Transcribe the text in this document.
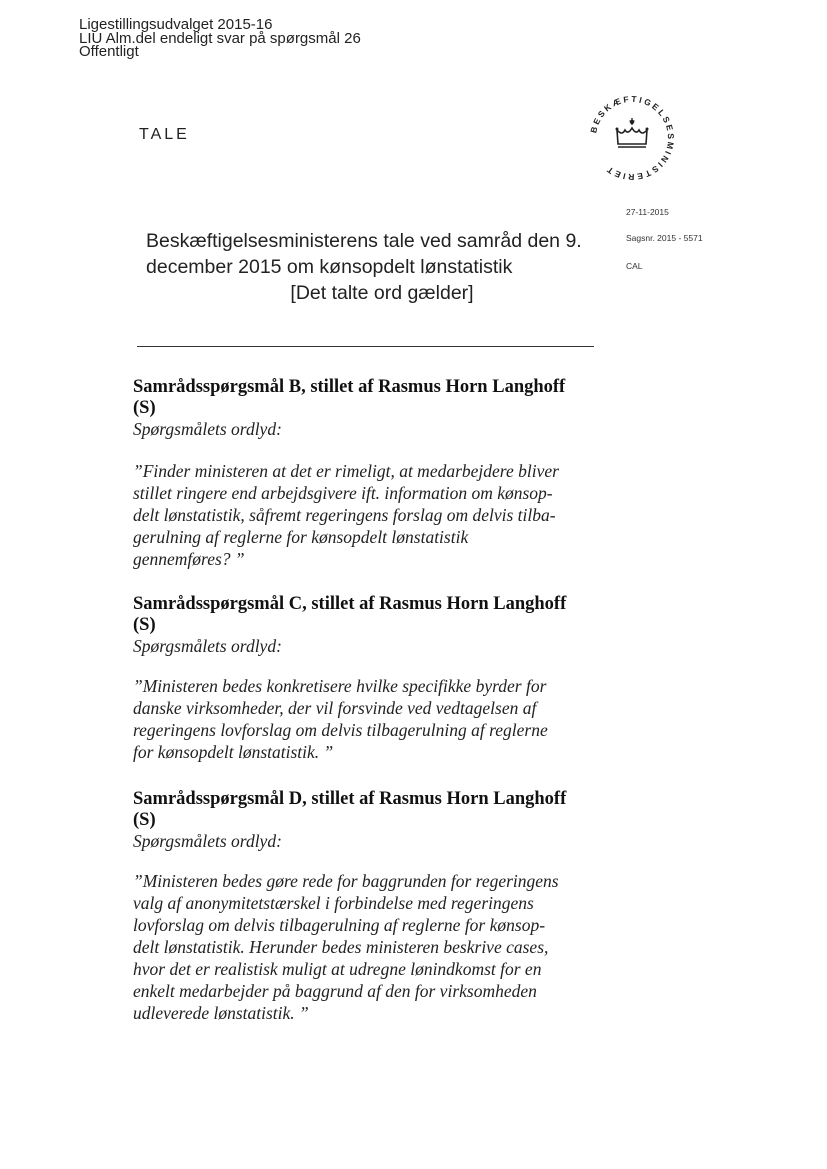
Ligestillingsudvalget 2015-16
LIU Alm.del endeligt svar på spørgsmål 26
Offentligt
TALE	BESKÆFTIGELSESMINISTERIET
27-11-2015
Sagsnr. 2015 - 5571
CAL
Beskæftigelsesministerens tale ved samråd den 9.
december 2015 om kønsopdelt lønstatistik
[Det talte ord gælder]
Samrådsspørgsmål B, stillet af Rasmus Horn Langhoff
(S)
Spørgsmålets ordlyd:
”Finder ministeren at det er rimeligt, at medarbejdere bliver
stillet ringere end arbejdsgivere ift. information om kønsop-
delt lønstatistik, såfremt regeringens forslag om delvis tilba-
gerulning af reglerne for kønsopdelt lønstatistik
gennemføres? ”
Samrådsspørgsmål C, stillet af Rasmus Horn Langhoff
(S)
Spørgsmålets ordlyd:
”Ministeren bedes konkretisere hvilke specifikke byrder for
danske virksomheder, der vil forsvinde ved vedtagelsen af
regeringens lovforslag om delvis tilbagerulning af reglerne
for kønsopdelt lønstatistik. ”
Samrådsspørgsmål D, stillet af Rasmus Horn Langhoff
(S)
Spørgsmålets ordlyd:
”Ministeren bedes gøre rede for baggrunden for regeringens
valg af anonymitetstærskel i forbindelse med regeringens
lovforslag om delvis tilbagerulning af reglerne for kønsop-
delt lønstatistik. Herunder bedes ministeren beskrive cases,
hvor det er realistisk muligt at udregne lønindkomst for en
enkelt medarbejder på baggrund af den for virksomheden
udleverede lønstatistik. ”
